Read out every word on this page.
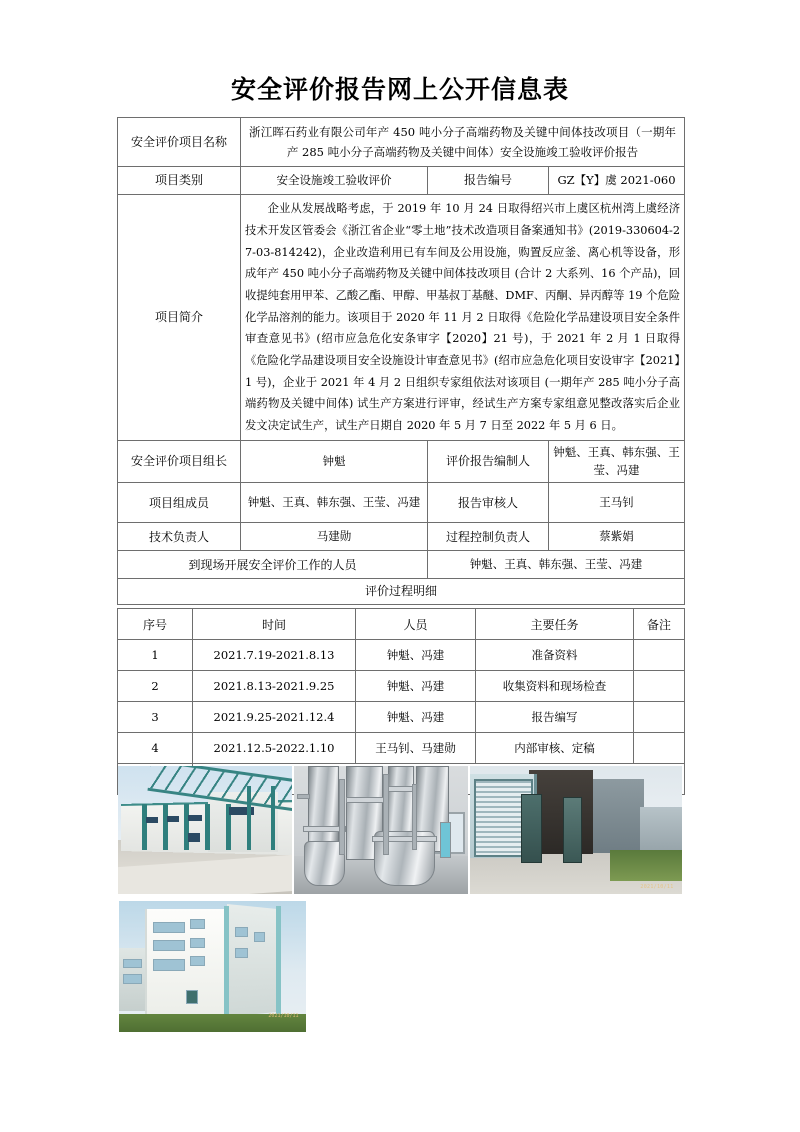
安全评价报告网上公开信息表
安全评价项目名称	浙江晖石药业有限公司年产 450 吨小分子高端药物及关键中间体技改项目（一期年产 285 吨小分子高端药物及关键中间体）安全设施竣工验收评价报告		
项目类别	安全设施竣工验收评价	报告编号	GZ【Y】虞 2021-060
项目简介	企业从发展战略考虑，于 2019 年 10 月 24 日取得绍兴市上虞区杭州湾上虞经济技术开发区管委会《浙江省企业“零土地”技术改造项目备案通知书》(2019-330604-27-03-814242)，企业改造利用已有车间及公用设施，购置反应釜、离心机等设备，形成年产 450 吨小分子高端药物及关键中间体技改项目 (合计 2 大系列、16 个产品)，回收提纯套用甲苯、乙酸乙酯、甲醇、甲基叔丁基醚、DMF、丙酮、异丙醇等 19 个危险化学品溶剂的能力。该项目于 2020 年 11 月 2 日取得《危险化学品建设项目安全条件审查意见书》(绍市应急危化安条审字【2020】21 号)，于 2021 年 2 月 1 日取得《危险化学品建设项目安全设施设计审查意见书》(绍市应急危化项目安设审字【2021】1 号)，企业于 2021 年 4 月 2 日组织专家组依法对该项目 (一期年产 285 吨小分子高端药物及关键中间体) 试生产方案进行评审，经试生产方案专家组意见整改落实后企业发文决定试生产，试生产日期自 2020 年 5 月 7 日至 2022 年 5 月 6 日。		

安全评价项目组长	钟魁	评价报告编制人	钟魁、王真、韩东强、王莹、冯建
项目组成员	钟魁、王真、韩东强、王莹、冯建	报告审核人	王马钊
技术负责人	马建勋	过程控制负责人	蔡紫娟
到现场开展安全评价工作的人员		钟魁、王真、韩东强、王莹、冯建	
评价过程明细			
序号	时间	人员	主要任务	备注
1	2021.7.19-2021.8.13	钟魁、冯建	准备资料	
2	2021.8.13-2021.9.25	钟魁、冯建	收集资料和现场检查	
3	2021.9.25-2021.12.4	钟魁、冯建	报告编写	
4	2021.12.5-2022.1.10	王马钊、马建勋	内部审核、定稿	

2021/10/11
2021/10/11
